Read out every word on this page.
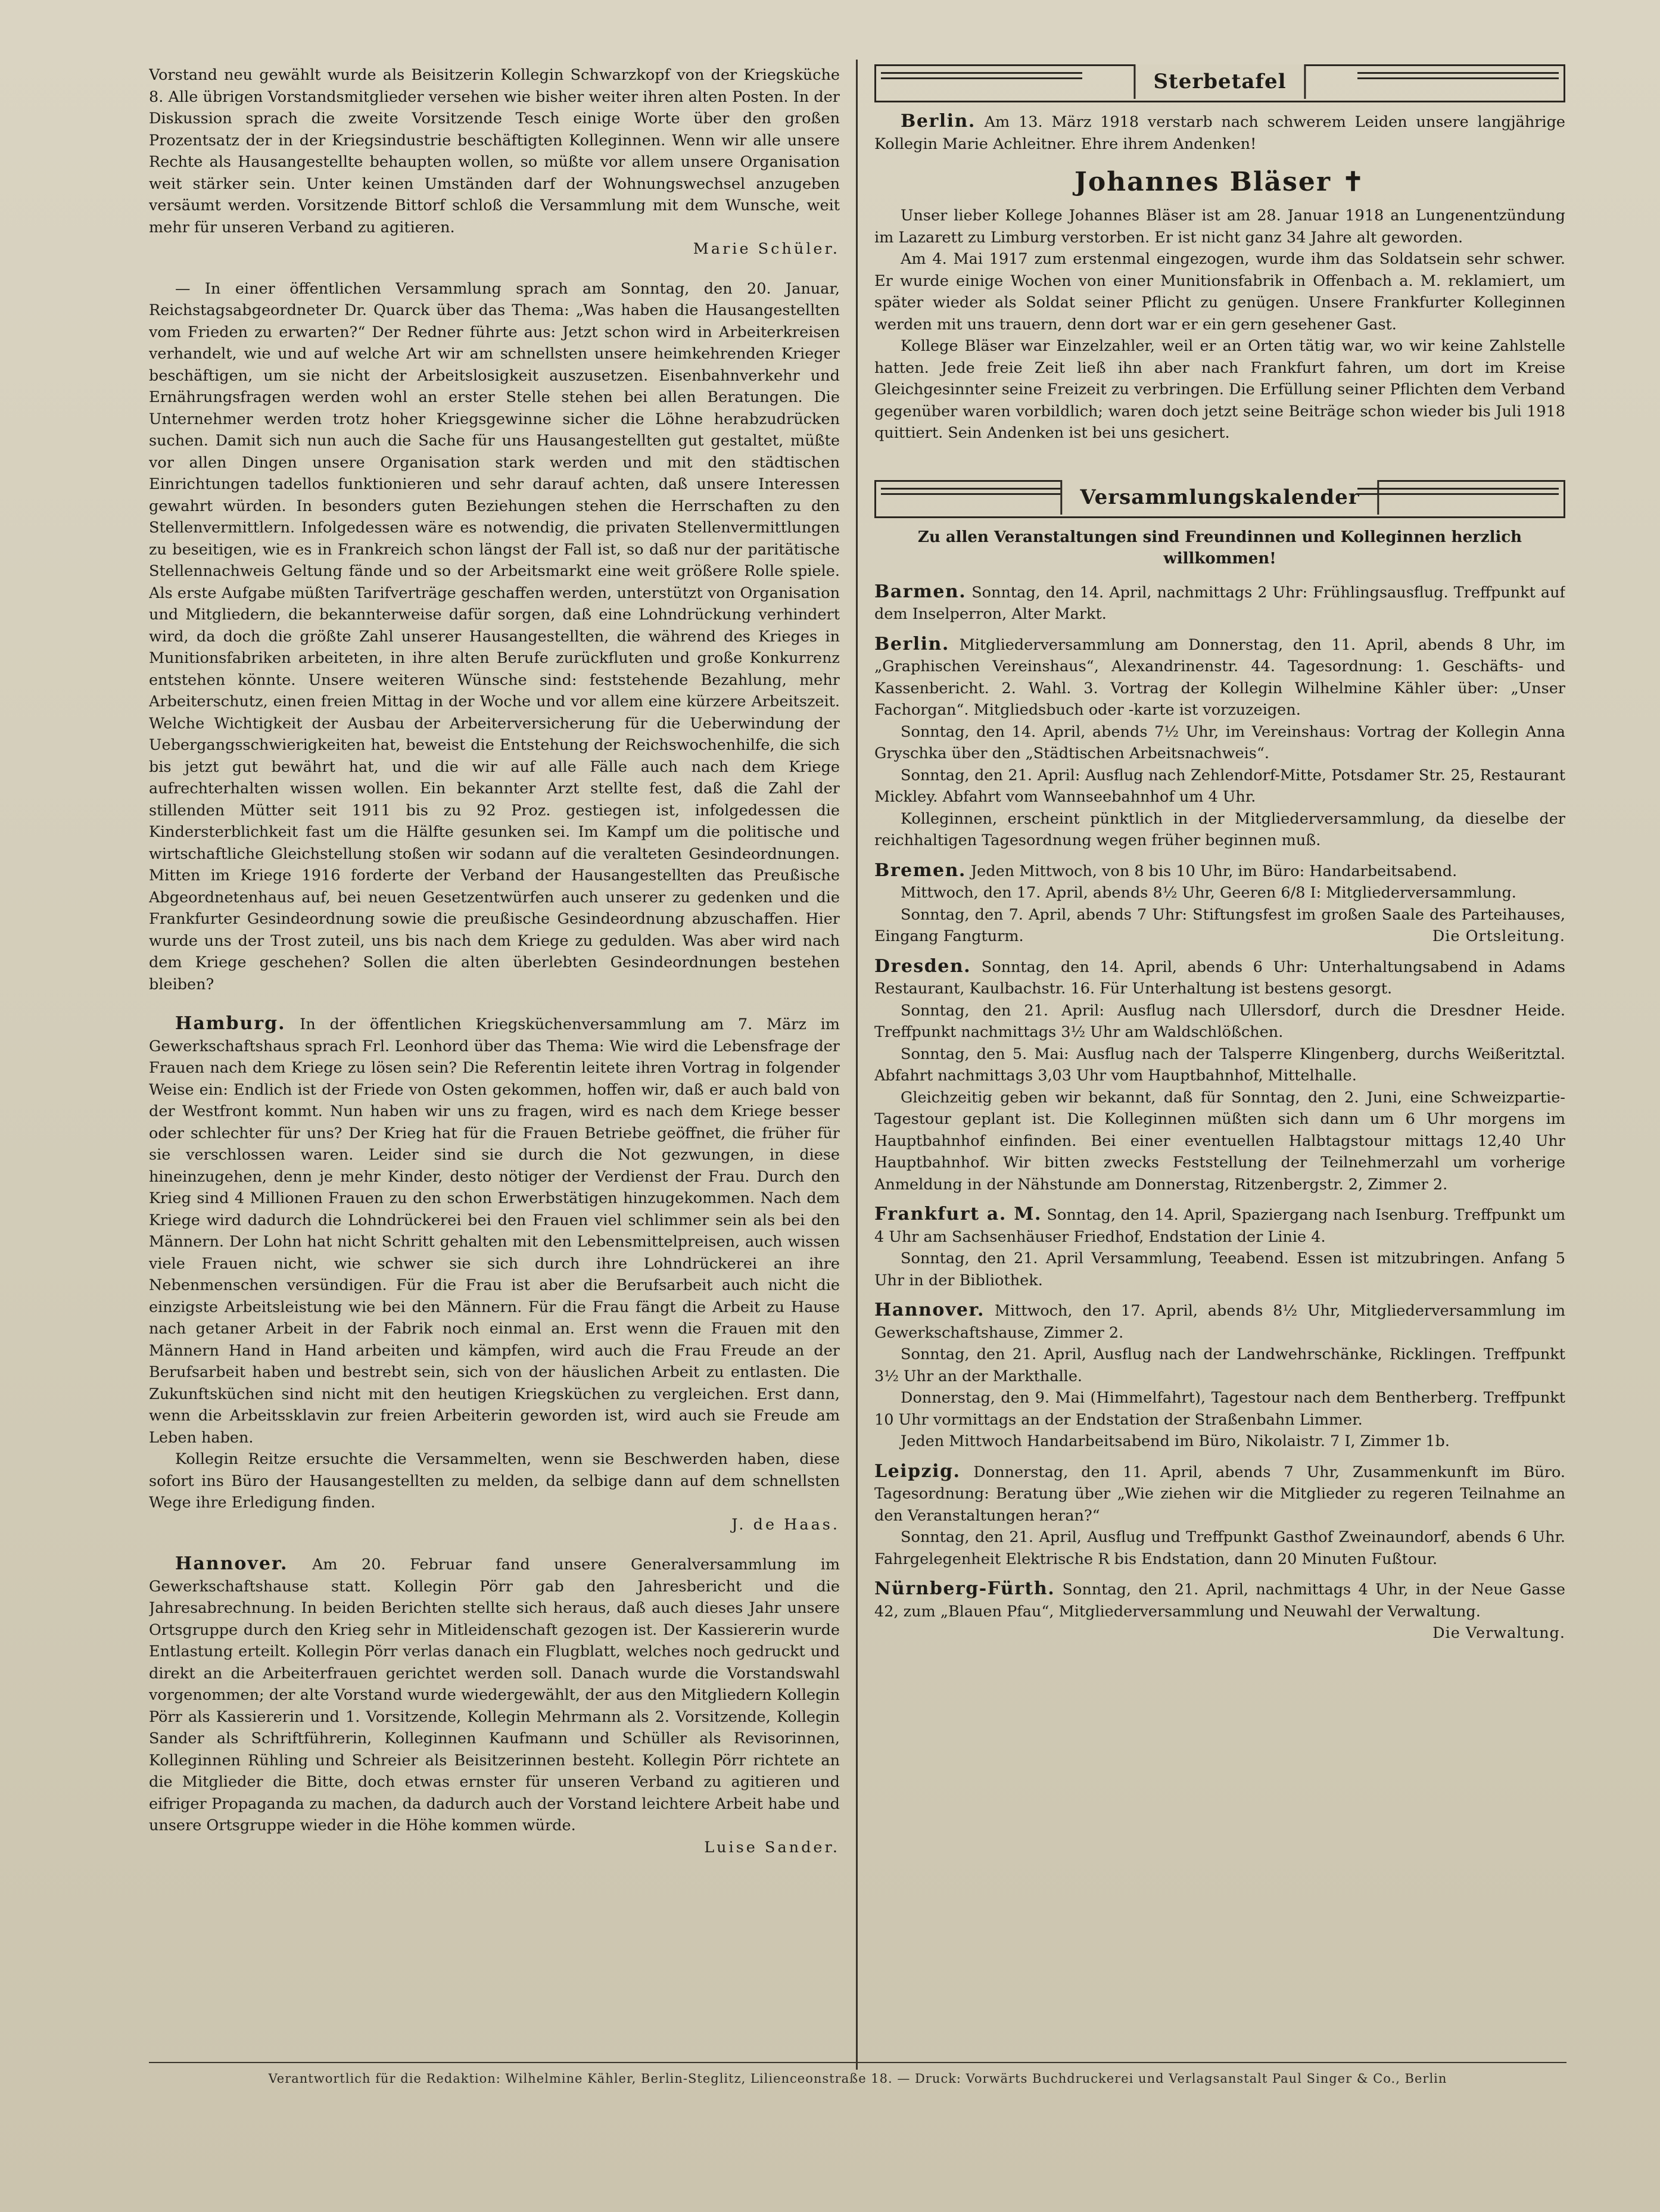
Vorstand neu gewählt wurde als Beisitzerin Kollegin Schwarzkopf von der Kriegsküche 8. Alle übrigen Vorstandsmitglieder versehen wie bisher weiter ihren alten Posten. In der Diskussion sprach die zweite Vorsitzende Tesch einige Worte über den großen Prozentsatz der in der Kriegsindustrie beschäftigten Kolleginnen. Wenn wir alle unsere Rechte als Hausangestellte behaupten wollen, so müßte vor allem unsere Organisation weit stärker sein. Unter keinen Umständen darf der Wohnungswechsel anzugeben versäumt werden. Vorsitzende Bittorf schloß die Versammlung mit dem Wunsche, weit mehr für unseren Verband zu agitieren.

Marie Schüler.

— In einer öffentlichen Versammlung sprach am Sonntag, den 20. Januar, Reichstagsabgeordneter Dr. Quarck über das Thema: „Was haben die Hausangestellten vom Frieden zu erwarten?“ Der Redner führte aus: Jetzt schon wird in Arbeiterkreisen verhandelt, wie und auf welche Art wir am schnellsten unsere heimkehrenden Krieger beschäftigen, um sie nicht der Arbeitslosigkeit auszusetzen. Eisenbahnverkehr und Ernährungsfragen werden wohl an erster Stelle stehen bei allen Beratungen. Die Unternehmer werden trotz hoher Kriegsgewinne sicher die Löhne herabzudrücken suchen. Damit sich nun auch die Sache für uns Hausangestellten gut gestaltet, müßte vor allen Dingen unsere Organisation stark werden und mit den städtischen Einrichtungen tadellos funktionieren und sehr darauf achten, daß unsere Interessen gewahrt würden. In besonders guten Beziehungen stehen die Herrschaften zu den Stellenvermittlern. Infolgedessen wäre es notwendig, die privaten Stellenvermittlungen zu beseitigen, wie es in Frankreich schon längst der Fall ist, so daß nur der paritätische Stellennachweis Geltung fände und so der Arbeitsmarkt eine weit größere Rolle spiele. Als erste Aufgabe müßten Tarifverträge geschaffen werden, unterstützt von Organisation und Mitgliedern, die bekannterweise dafür sorgen, daß eine Lohndrückung verhindert wird, da doch die größte Zahl unserer Hausangestellten, die während des Krieges in Munitionsfabriken arbeiteten, in ihre alten Berufe zurückfluten und große Konkurrenz entstehen könnte. Unsere weiteren Wünsche sind: feststehende Bezahlung, mehr Arbeiterschutz, einen freien Mittag in der Woche und vor allem eine kürzere Arbeitszeit. Welche Wichtigkeit der Ausbau der Arbeiterversicherung für die Ueberwindung der Uebergangsschwierigkeiten hat, beweist die Entstehung der Reichswochenhilfe, die sich bis jetzt gut bewährt hat, und die wir auf alle Fälle auch nach dem Kriege aufrechterhalten wissen wollen. Ein bekannter Arzt stellte fest, daß die Zahl der stillenden Mütter seit 1911 bis zu 92 Proz. gestiegen ist, infolgedessen die Kindersterblichkeit fast um die Hälfte gesunken sei. Im Kampf um die politische und wirtschaftliche Gleichstellung stoßen wir sodann auf die veralteten Gesindeordnungen. Mitten im Kriege 1916 forderte der Verband der Hausangestellten das Preußische Abgeordnetenhaus auf, bei neuen Gesetzentwürfen auch unserer zu gedenken und die Frankfurter Gesindeordnung sowie die preußische Gesindeordnung abzuschaffen. Hier wurde uns der Trost zuteil, uns bis nach dem Kriege zu gedulden. Was aber wird nach dem Kriege geschehen? Sollen die alten überlebten Gesindeordnungen bestehen bleiben?

Hamburg. In der öffentlichen Kriegsküchenversammlung am 7. März im Gewerkschaftshaus sprach Frl. Leonhord über das Thema: Wie wird die Lebensfrage der Frauen nach dem Kriege zu lösen sein? Die Referentin leitete ihren Vortrag in folgender Weise ein: Endlich ist der Friede von Osten gekommen, hoffen wir, daß er auch bald von der Westfront kommt. Nun haben wir uns zu fragen, wird es nach dem Kriege besser oder schlechter für uns? Der Krieg hat für die Frauen Betriebe geöffnet, die früher für sie verschlossen waren. Leider sind sie durch die Not gezwungen, in diese hineinzugehen, denn je mehr Kinder, desto nötiger der Verdienst der Frau. Durch den Krieg sind 4 Millionen Frauen zu den schon Erwerbstätigen hinzugekommen. Nach dem Kriege wird dadurch die Lohndrückerei bei den Frauen viel schlimmer sein als bei den Männern. Der Lohn hat nicht Schritt gehalten mit den Lebensmittelpreisen, auch wissen viele Frauen nicht, wie schwer sie sich durch ihre Lohndrückerei an ihre Nebenmenschen versündigen. Für die Frau ist aber die Berufsarbeit auch nicht die einzigste Arbeitsleistung wie bei den Männern. Für die Frau fängt die Arbeit zu Hause nach getaner Arbeit in der Fabrik noch einmal an. Erst wenn die Frauen mit den Männern Hand in Hand arbeiten und kämpfen, wird auch die Frau Freude an der Berufsarbeit haben und bestrebt sein, sich von der häuslichen Arbeit zu entlasten. Die Zukunftsküchen sind nicht mit den heutigen Kriegsküchen zu vergleichen. Erst dann, wenn die Arbeitssklavin zur freien Arbeiterin geworden ist, wird auch sie Freude am Leben haben.

Kollegin Reitze ersuchte die Versammelten, wenn sie Beschwerden haben, diese sofort ins Büro der Hausangestellten zu melden, da selbige dann auf dem schnellsten Wege ihre Erledigung finden.

J. de Haas.

Hannover. Am 20. Februar fand unsere Generalversammlung im Gewerkschaftshause statt. Kollegin Pörr gab den Jahresbericht und die Jahresabrechnung. In beiden Berichten stellte sich heraus, daß auch dieses Jahr unsere Ortsgruppe durch den Krieg sehr in Mitleidenschaft gezogen ist. Der Kassiererin wurde Entlastung erteilt. Kollegin Pörr verlas danach ein Flugblatt, welches noch gedruckt und direkt an die Arbeiterfrauen gerichtet werden soll. Danach wurde die Vorstandswahl vorgenommen; der alte Vorstand wurde wiedergewählt, der aus den Mitgliedern Kollegin Pörr als Kassiererin und 1. Vorsitzende, Kollegin Mehrmann als 2. Vorsitzende, Kollegin Sander als Schriftführerin, Kolleginnen Kaufmann und Schüller als Revisorinnen, Kolleginnen Rühling und Schreier als Beisitzerinnen besteht. Kollegin Pörr richtete an die Mitglieder die Bitte, doch etwas ernster für unseren Verband zu agitieren und eifriger Propaganda zu machen, da dadurch auch der Vorstand leichtere Arbeit habe und unsere Ortsgruppe wieder in die Höhe kommen würde.

Luise Sander.

Sterbetafel

Berlin. Am 13. März 1918 verstarb nach schwerem Leiden unsere langjährige Kollegin Marie Achleitner. Ehre ihrem Andenken!

Johannes Bläser ✝

Unser lieber Kollege Johannes Bläser ist am 28. Januar 1918 an Lungenentzündung im Lazarett zu Limburg verstorben. Er ist nicht ganz 34 Jahre alt geworden.

Am 4. Mai 1917 zum erstenmal eingezogen, wurde ihm das Soldatsein sehr schwer. Er wurde einige Wochen von einer Munitionsfabrik in Offenbach a. M. reklamiert, um später wieder als Soldat seiner Pflicht zu genügen. Unsere Frankfurter Kolleginnen werden mit uns trauern, denn dort war er ein gern gesehener Gast.

Kollege Bläser war Einzelzahler, weil er an Orten tätig war, wo wir keine Zahlstelle hatten. Jede freie Zeit ließ ihn aber nach Frankfurt fahren, um dort im Kreise Gleichgesinnter seine Freizeit zu verbringen. Die Erfüllung seiner Pflichten dem Verband gegenüber waren vorbildlich; waren doch jetzt seine Beiträge schon wieder bis Juli 1918 quittiert. Sein Andenken ist bei uns gesichert.

Versammlungskalender
Zu allen Veranstaltungen sind Freundinnen und Kolleginnen herzlich willkommen!

Barmen. Sonntag, den 14. April, nachmittags 2 Uhr: Frühlingsausflug. Treffpunkt auf dem Inselperron, Alter Markt.

Berlin. Mitgliederversammlung am Donnerstag, den 11. April, abends 8 Uhr, im „Graphischen Vereinshaus“, Alexandrinenstr. 44. Tagesordnung: 1. Geschäfts- und Kassenbericht. 2. Wahl. 3. Vortrag der Kollegin Wilhelmine Kähler über: „Unser Fachorgan“. Mitgliedsbuch oder -karte ist vorzuzeigen.

Sonntag, den 14. April, abends 7½ Uhr, im Vereinshaus: Vortrag der Kollegin Anna Gryschka über den „Städtischen Arbeitsnachweis“.

Sonntag, den 21. April: Ausflug nach Zehlendorf-Mitte, Potsdamer Str. 25, Restaurant Mickley. Abfahrt vom Wannseebahnhof um 4 Uhr.

Kolleginnen, erscheint pünktlich in der Mitgliederversammlung, da dieselbe der reichhaltigen Tagesordnung wegen früher beginnen muß.

Bremen. Jeden Mittwoch, von 8 bis 10 Uhr, im Büro: Handarbeitsabend.

Mittwoch, den 17. April, abends 8½ Uhr, Geeren 6/8 I: Mitgliederversammlung.

Sonntag, den 7. April, abends 7 Uhr: Stiftungsfest im großen Saale des Parteihauses, Eingang Fangturm.	Die Ortsleitung.

Dresden. Sonntag, den 14. April, abends 6 Uhr: Unterhaltungsabend in Adams Restaurant, Kaulbachstr. 16. Für Unterhaltung ist bestens gesorgt.

Sonntag, den 21. April: Ausflug nach Ullersdorf, durch die Dresdner Heide. Treffpunkt nachmittags 3½ Uhr am Waldschlößchen.

Sonntag, den 5. Mai: Ausflug nach der Talsperre Klingenberg, durchs Weißeritztal. Abfahrt nachmittags 3,03 Uhr vom Hauptbahnhof, Mittelhalle.

Gleichzeitig geben wir bekannt, daß für Sonntag, den 2. Juni, eine Schweizpartie-Tagestour geplant ist. Die Kolleginnen müßten sich dann um 6 Uhr morgens im Hauptbahnhof einfinden. Bei einer eventuellen Halbtagstour mittags 12,40 Uhr Hauptbahnhof. Wir bitten zwecks Feststellung der Teilnehmerzahl um vorherige Anmeldung in der Nähstunde am Donnerstag, Ritzenbergstr. 2, Zimmer 2.

Frankfurt a. M. Sonntag, den 14. April, Spaziergang nach Isenburg. Treffpunkt um 4 Uhr am Sachsenhäuser Friedhof, Endstation der Linie 4.

Sonntag, den 21. April Versammlung, Teeabend. Essen ist mitzubringen. Anfang 5 Uhr in der Bibliothek.

Hannover. Mittwoch, den 17. April, abends 8½ Uhr, Mitgliederversammlung im Gewerkschaftshause, Zimmer 2.

Sonntag, den 21. April, Ausflug nach der Landwehrschänke, Ricklingen. Treffpunkt 3½ Uhr an der Markthalle.

Donnerstag, den 9. Mai (Himmelfahrt), Tagestour nach dem Bentherberg. Treffpunkt 10 Uhr vormittags an der Endstation der Straßenbahn Limmer.

Jeden Mittwoch Handarbeitsabend im Büro, Nikolaistr. 7 I, Zimmer 1b.

Leipzig. Donnerstag, den 11. April, abends 7 Uhr, Zusammenkunft im Büro. Tagesordnung: Beratung über „Wie ziehen wir die Mitglieder zu regeren Teilnahme an den Veranstaltungen heran?“

Sonntag, den 21. April, Ausflug und Treffpunkt Gasthof Zweinaundorf, abends 6 Uhr. Fahrgelegenheit Elektrische R bis Endstation, dann 20 Minuten Fußtour.

Nürnberg-Fürth. Sonntag, den 21. April, nachmittags 4 Uhr, in der Neue Gasse 42, zum „Blauen Pfau“, Mitgliederversammlung und Neuwahl der Verwaltung.

Die Verwaltung.

Verantwortlich für die Redaktion: Wilhelmine Kähler, Berlin-Steglitz, Lilienceonstraße 18. — Druck: Vorwärts Buchdruckerei und Verlagsanstalt Paul Singer & Co., Berlin
